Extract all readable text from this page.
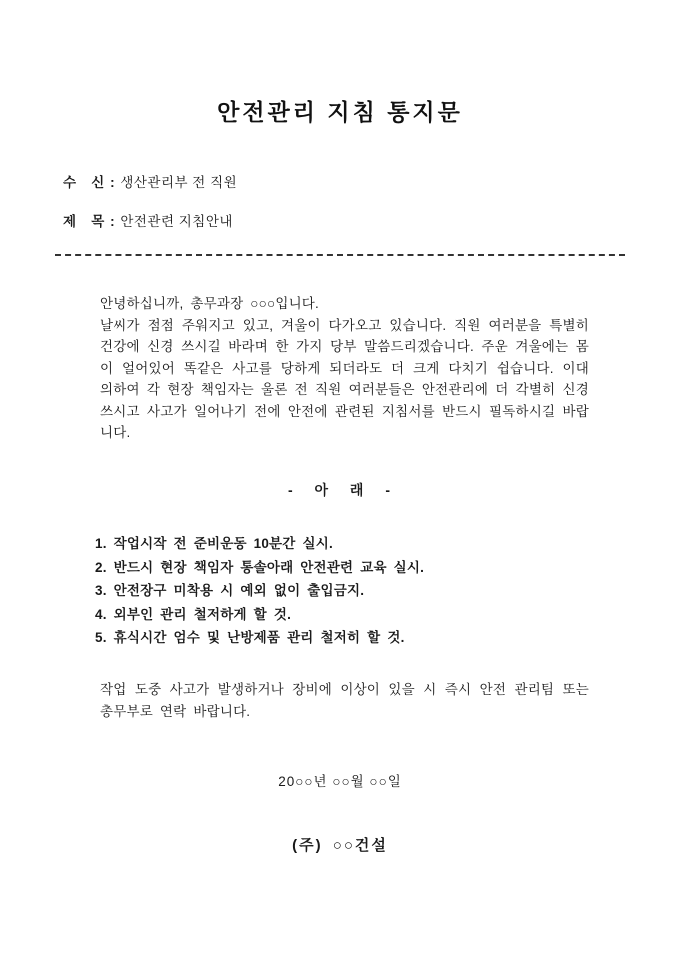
안전관리 지침 통지문
수   신 : 생산관리부 전 직원
제   목 : 안전관련 지침안내
안녕하십니까, 총무과장 ○○○입니다.
날씨가 점점 주워지고 있고, 겨울이 다가오고 있습니다. 직원 여러분을 특별히 건강에 신경 쓰시길 바라며 한 가지 당부 말씀드리겠습니다. 주운 겨울에는 몸이 얼어있어 똑같은 사고를 당하게 되더라도 더 크게 다치기 쉽습니다. 이대 의하여 각 현장 책임자는 울론 전 직원 여러분들은 안전관리에 더 각별히 신경 쓰시고 사고가 일어나기 전에 안전에 관련된 지침서를 반드시 필독하시길 바랍니다.
- 아 래 -
1. 작업시작 전 준비운동 10분간 실시.
2. 반드시 현장 책임자 통솔아래 안전관련 교육 실시.
3. 안전장구 미착용 시 예외 없이 출입금지.
4. 외부인 관리 철저하게 할 것.
5. 휴식시간 엄수 및 난방제품 관리 철저히 할 것.
작업 도중 사고가 발생하거나 장비에 이상이 있을 시 즉시 안전 관리팀 또는 총무부로 연락 바랍니다.
20○○년 ○○월 ○○일
(주) ○○건설
